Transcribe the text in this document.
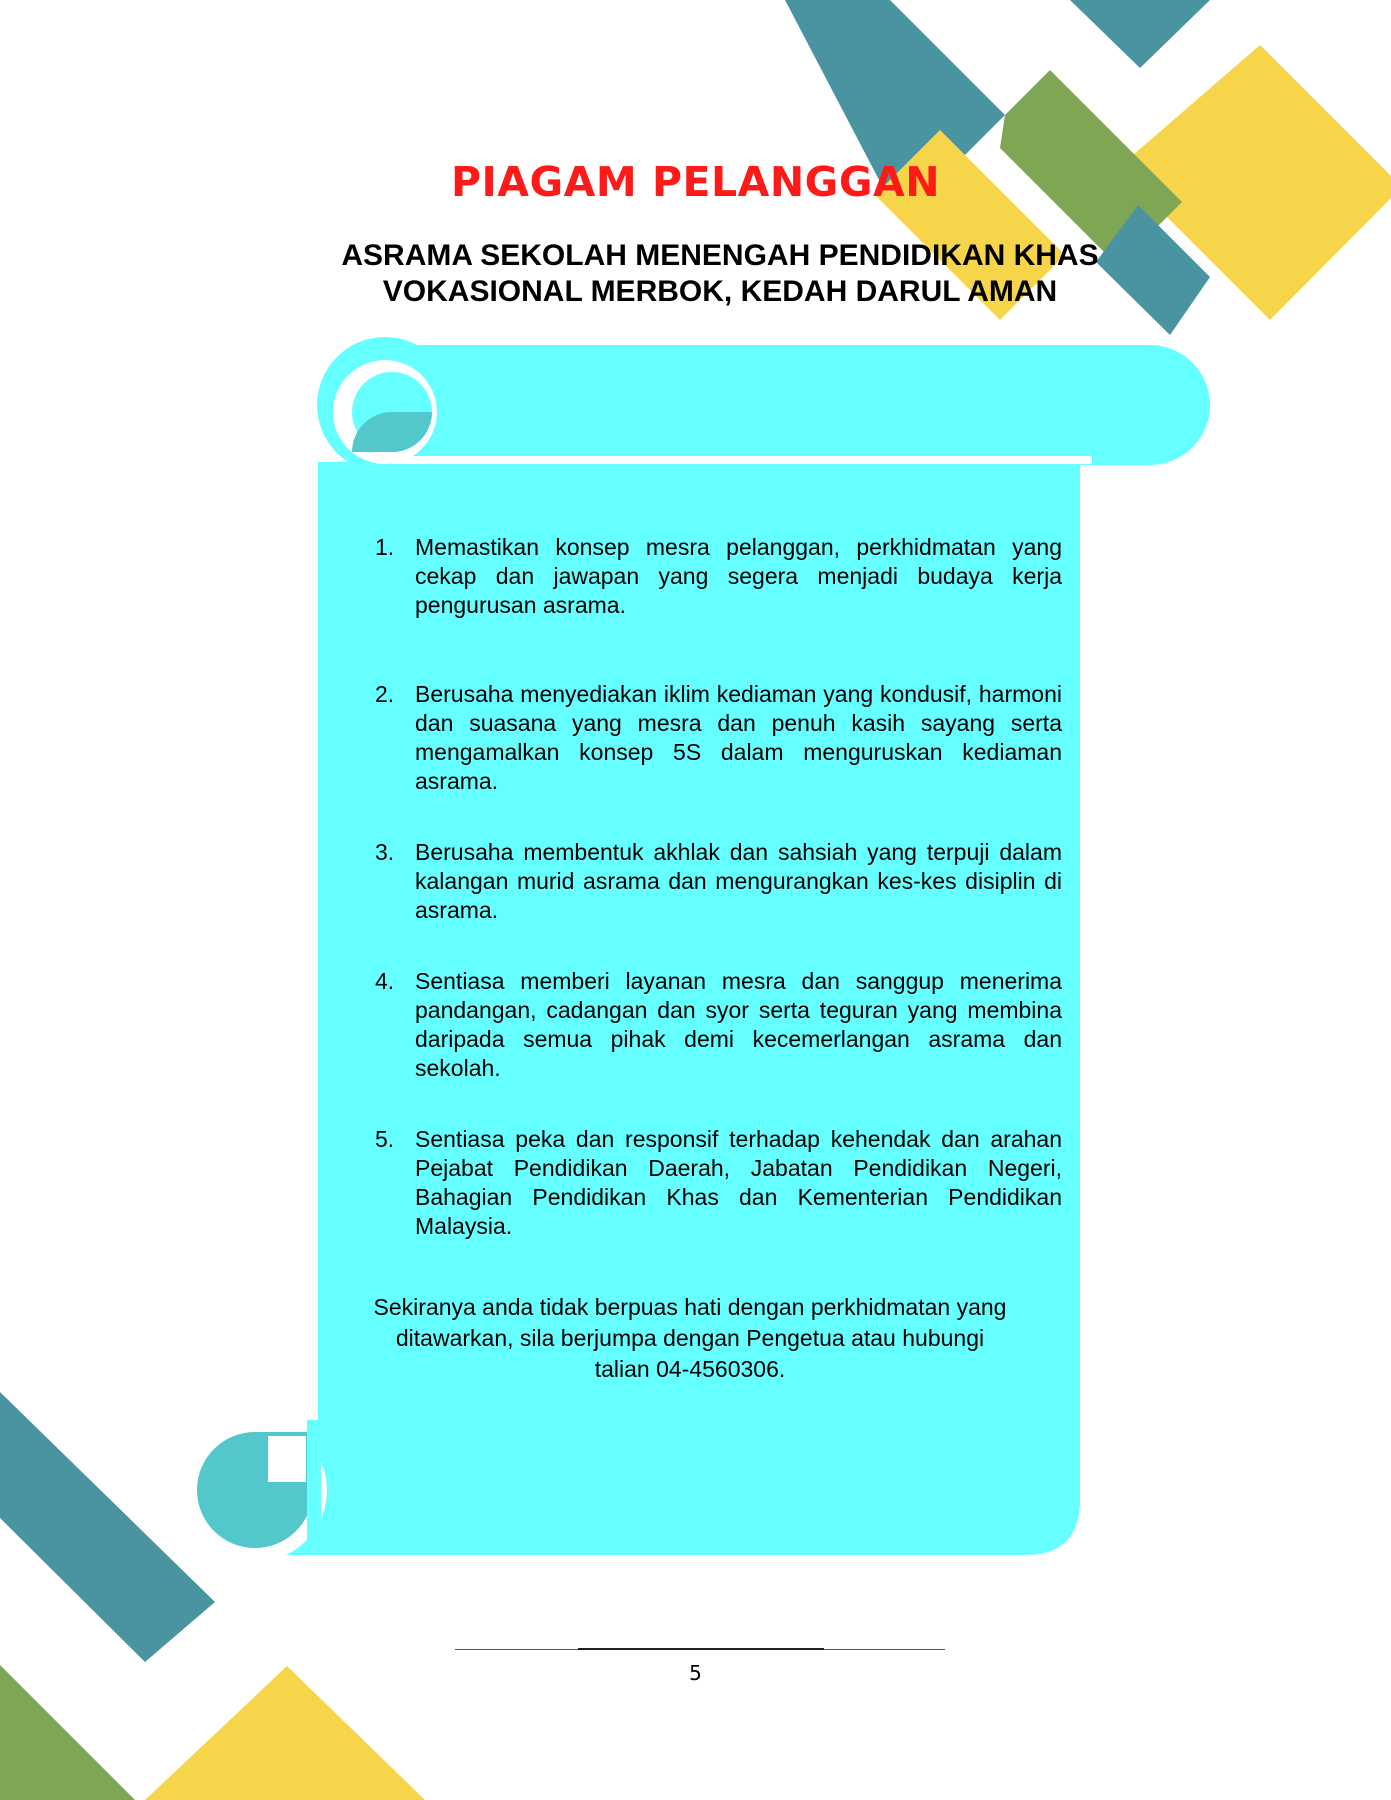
PIAGAM PELANGGAN
ASRAMA SEKOLAH MENENGAH PENDIDIKAN KHAS
VOKASIONAL MERBOK, KEDAH DARUL AMAN
1. Memastikan konsep mesra pelanggan, perkhidmatan yang cekap dan jawapan yang segera menjadi budaya kerja pengurusan asrama.
2. Berusaha menyediakan iklim kediaman yang kondusif, harmoni dan suasana yang mesra dan penuh kasih sayang serta mengamalkan konsep 5S dalam menguruskan kediaman asrama.
3. Berusaha membentuk akhlak dan sahsiah yang terpuji dalam kalangan murid asrama dan mengurangkan kes-kes disiplin di asrama.
4. Sentiasa memberi layanan mesra dan sanggup menerima pandangan, cadangan dan syor serta teguran yang membina daripada semua pihak demi kecemerlangan asrama dan sekolah.
5. Sentiasa peka dan responsif terhadap kehendak dan arahan Pejabat Pendidikan Daerah, Jabatan Pendidikan Negeri, Bahagian Pendidikan Khas dan Kementerian Pendidikan Malaysia.
Sekiranya anda tidak berpuas hati dengan perkhidmatan yang
ditawarkan, sila berjumpa dengan Pengetua atau hubungi
talian 04-4560306.
5
